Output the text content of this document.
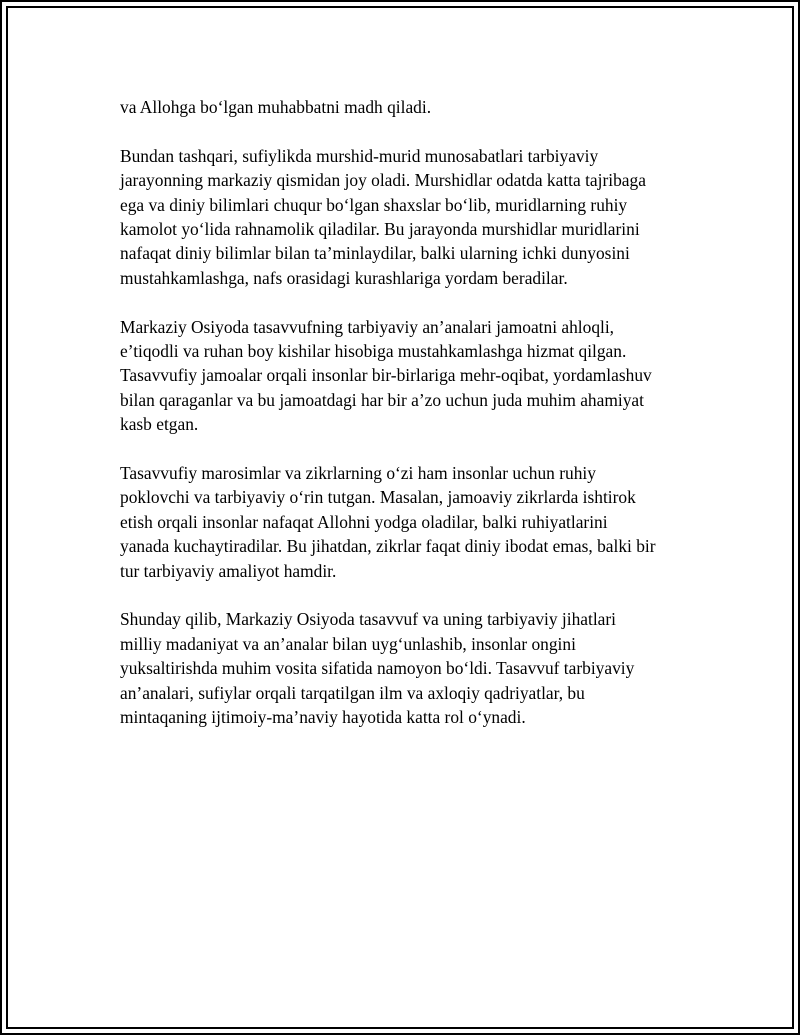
va Allohga bo‘lgan muhabbatni madh qiladi.

Bundan tashqari, sufiylikda murshid-murid munosabatlari tarbiyaviy
jarayonning markaziy qismidan joy oladi. Murshidlar odatda katta tajribaga
ega va diniy bilimlari chuqur bo‘lgan shaxslar bo‘lib, muridlarning ruhiy
kamolot yo‘lida rahnamolik qiladilar. Bu jarayonda murshidlar muridlarini
nafaqat diniy bilimlar bilan ta’minlaydilar, balki ularning ichki dunyosini
mustahkamlashga, nafs orasidagi kurashlariga yordam beradilar.

Markaziy Osiyoda tasavvufning tarbiyaviy an’analari jamoatni ahloqli,
e’tiqodli va ruhan boy kishilar hisobiga mustahkamlashga hizmat qilgan.
Tasavvufiy jamoalar orqali insonlar bir-birlariga mehr-oqibat, yordamlashuv
bilan qaraganlar va bu jamoatdagi har bir a’zo uchun juda muhim ahamiyat
kasb etgan.

Tasavvufiy marosimlar va zikrlarning o‘zi ham insonlar uchun ruhiy
poklovchi va tarbiyaviy o‘rin tutgan. Masalan, jamoaviy zikrlarda ishtirok
etish orqali insonlar nafaqat Allohni yodga oladilar, balki ruhiyatlarini
yanada kuchaytiradilar. Bu jihatdan, zikrlar faqat diniy ibodat emas, balki bir
tur tarbiyaviy amaliyot hamdir.

Shunday qilib, Markaziy Osiyoda tasavvuf va uning tarbiyaviy jihatlari
milliy madaniyat va an’analar bilan uyg‘unlashib, insonlar ongini
yuksaltirishda muhim vosita sifatida namoyon bo‘ldi. Tasavvuf tarbiyaviy
an’analari, sufiylar orqali tarqatilgan ilm va axloqiy qadriyatlar, bu
mintaqaning ijtimoiy-ma’naviy hayotida katta rol o‘ynadi.
